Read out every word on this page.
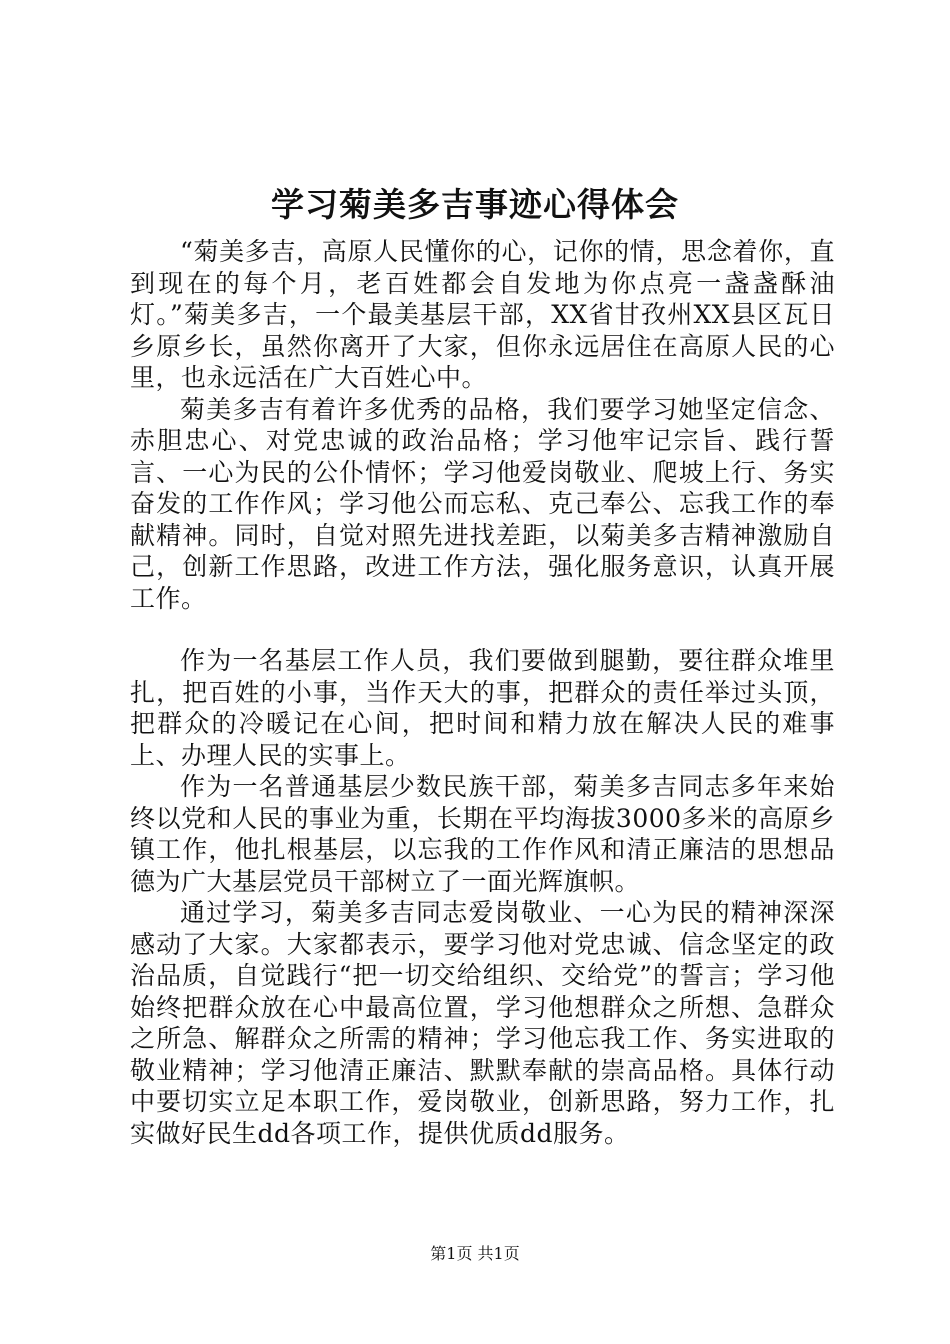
学习菊美多吉事迹心得体会

“菊美多吉，高原人民懂你的心，记你的情，思念着你，直到现在的每个月，老百姓都会自发地为你点亮一盏盏酥油灯。”菊美多吉，一个最美基层干部，XX省甘孜州XX县区瓦日乡原乡长，虽然你离开了大家，但你永远居住在高原人民的心里，也永远活在广大百姓心中。

菊美多吉有着许多优秀的品格，我们要学习她坚定信念、赤胆忠心、对党忠诚的政治品格；学习他牢记宗旨、践行誓言、一心为民的公仆情怀；学习他爱岗敬业、爬坡上行、务实奋发的工作作风；学习他公而忘私、克己奉公、忘我工作的奉献精神。同时，自觉对照先进找差距，以菊美多吉精神激励自己，创新工作思路，改进工作方法，强化服务意识，认真开展工作。

作为一名基层工作人员，我们要做到腿勤，要往群众堆里扎，把百姓的小事，当作天大的事，把群众的责任举过头顶，把群众的冷暖记在心间，把时间和精力放在解决人民的难事上、办理人民的实事上。

作为一名普通基层少数民族干部，菊美多吉同志多年来始终以党和人民的事业为重，长期在平均海拔3000多米的高原乡镇工作，他扎根基层，以忘我的工作作风和清正廉洁的思想品德为广大基层党员干部树立了一面光辉旗帜。

通过学习，菊美多吉同志爱岗敬业、一心为民的精神深深感动了大家。大家都表示，要学习他对党忠诚、信念坚定的政治品质，自觉践行“把一切交给组织、交给党”的誓言；学习他始终把群众放在心中最高位置，学习他想群众之所想、急群众之所急、解群众之所需的精神；学习他忘我工作、务实进取的敬业精神；学习他清正廉洁、默默奉献的崇高品格。具体行动中要切实立足本职工作，爱岗敬业，创新思路，努力工作，扎实做好民生dd各项工作，提供优质dd服务。

第1页 共1页
